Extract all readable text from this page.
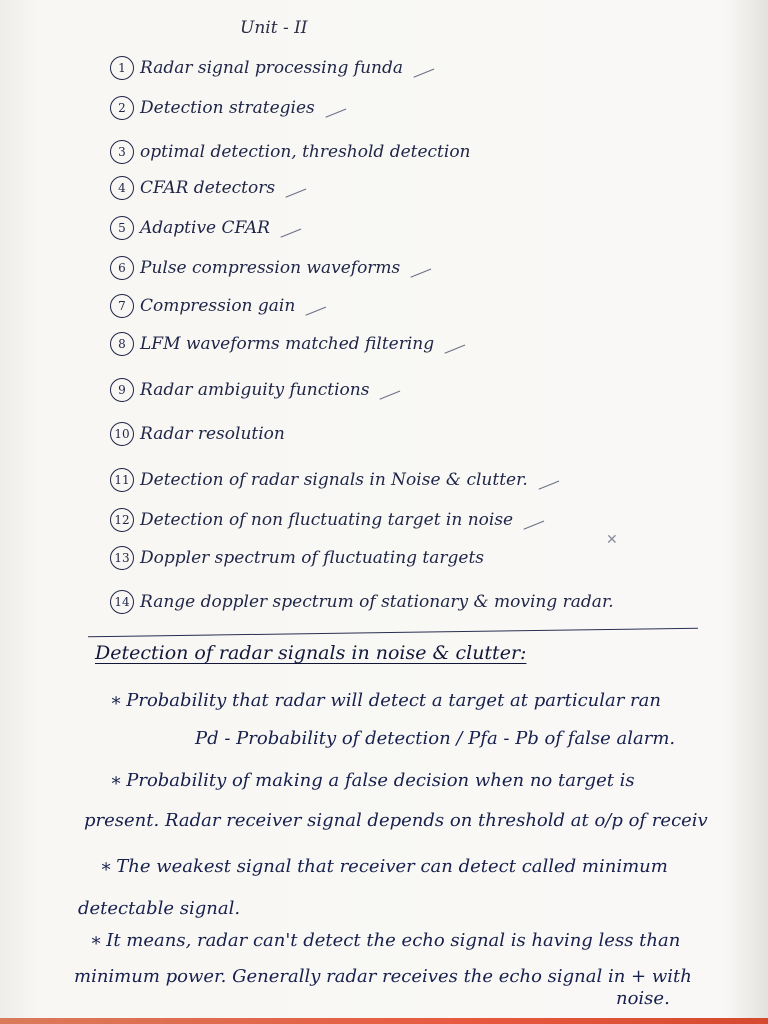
Unit - II
1 Radar signal processing funda
2 Detection strategies
3 optimal detection, threshold detection
4 CFAR detectors
5 Adaptive CFAR
6 Pulse compression waveforms
7 Compression gain
8 LFM waveforms matched filtering
9 Radar ambiguity functions
10 Radar resolution
11 Detection of radar signals in Noise & clutter.
12 Detection of non fluctuating target in noise
13 Doppler spectrum of fluctuating targets
14 Range doppler spectrum of stationary & moving radar.
Detection of radar signals in noise & clutter:
∗ Probability that radar will detect a target at particular ran
Pd - Probability of detection / Pfa - Pb of false alarm.
∗ Probability of making a false decision when no target is
present. Radar receiver signal depends on threshold at o/p of receiv
∗ The weakest signal that receiver can detect called minimum
detectable signal.
∗ It means, radar can't detect the echo signal is having less than
minimum power. Generally radar receives the echo signal in + with
noise.
✕
